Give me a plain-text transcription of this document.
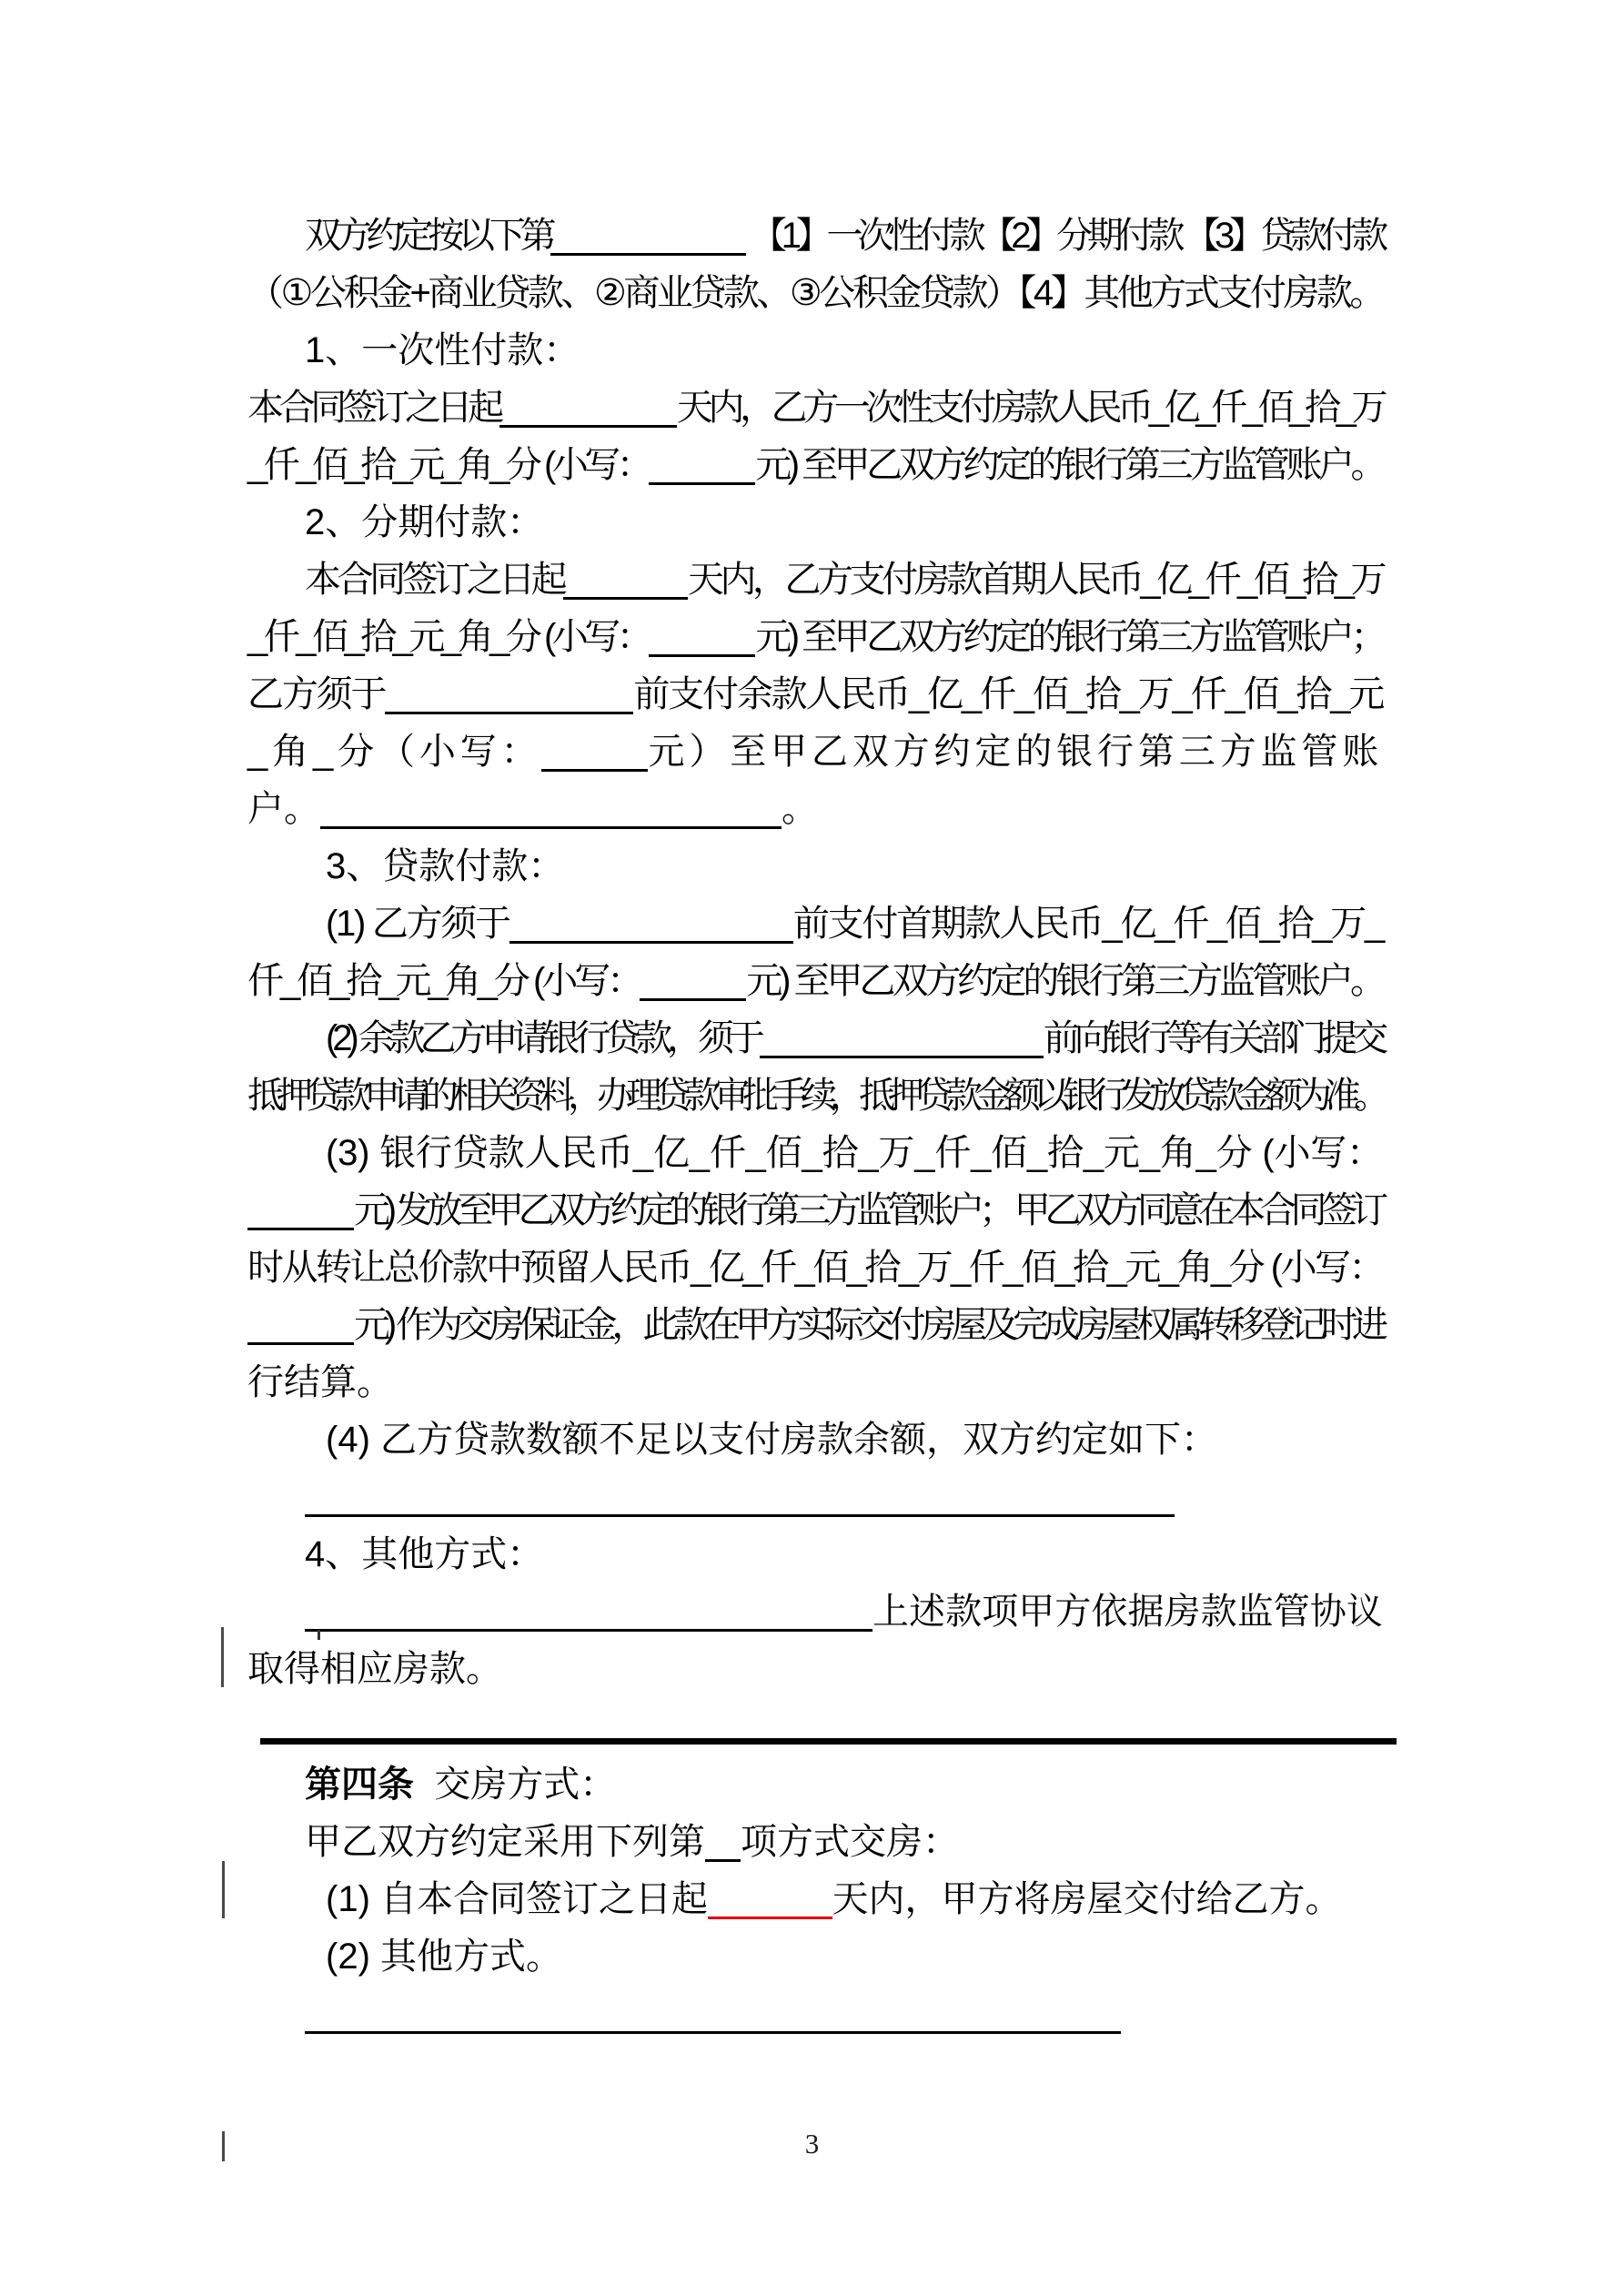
双方约定按以下第	【1】一次性付款【2】分期付款 【3】贷款付款
（①公积金+商业贷款、②商业贷款、③公积金贷款）【4】其他方式支付房款。
1、一次性付款：
本合同签订之日起	天内，乙方一次性支付房款人民币_亿_仟_佰_拾_万
_仟_佰_拾_元_角_分 (小写：	元) 至甲乙双方约定的银行第三方监管账户。
2、分期付款：
本合同签订之日起	天内，乙方支付房款首期人民币_亿_仟_佰_拾_万
_仟_佰_拾_元_角_分 (小写：	元) 至甲乙双方约定的银行第三方监管账户；
乙方须于	前支付余款人民币_亿_仟_佰_拾_万_仟_佰_拾_元
_角_分（小写：	元）至甲乙双方约定的银行第三方监管账
户。	。
3、贷款付款：
(1) 乙方须于	前支付首期款人民币_亿_仟_佰_拾_万_
仟_佰_拾_元_角_分 (小写：	元) 至甲乙双方约定的银行第三方监管账户。
(2) 余款乙方申请银行贷款，须于	前向银行等有关部门提交
抵押贷款申请的相关资料，办理贷款审批手续，抵押贷款金额以银行发放贷款金额为准。
(3) 银行贷款人民币_亿_仟_佰_拾_万_仟_佰_拾_元_角_分 (小写：
元) 发放至甲乙双方约定的银行第三方监管账户； 甲乙双方同意在本合同签订
时从转让总价款中预留人民币_亿_仟_佰_拾_万_仟_佰_拾_元_角_分 (小写：
元) 作为交房保证金，此款在甲方实际交付房屋及完成房屋权属转移登记时进
行结算。
(4) 乙方贷款数额不足以支付房款余额，双方约定如下：
4、其他方式：
上述款项甲方依据房款监管协议
取得相应房款。
第四条  交房方式：
甲乙双方约定采用下列第 项方式交房：
(1) 自本合同签订之日起	天内，甲方将房屋交付给乙方。
(2) 其他方式。
3
